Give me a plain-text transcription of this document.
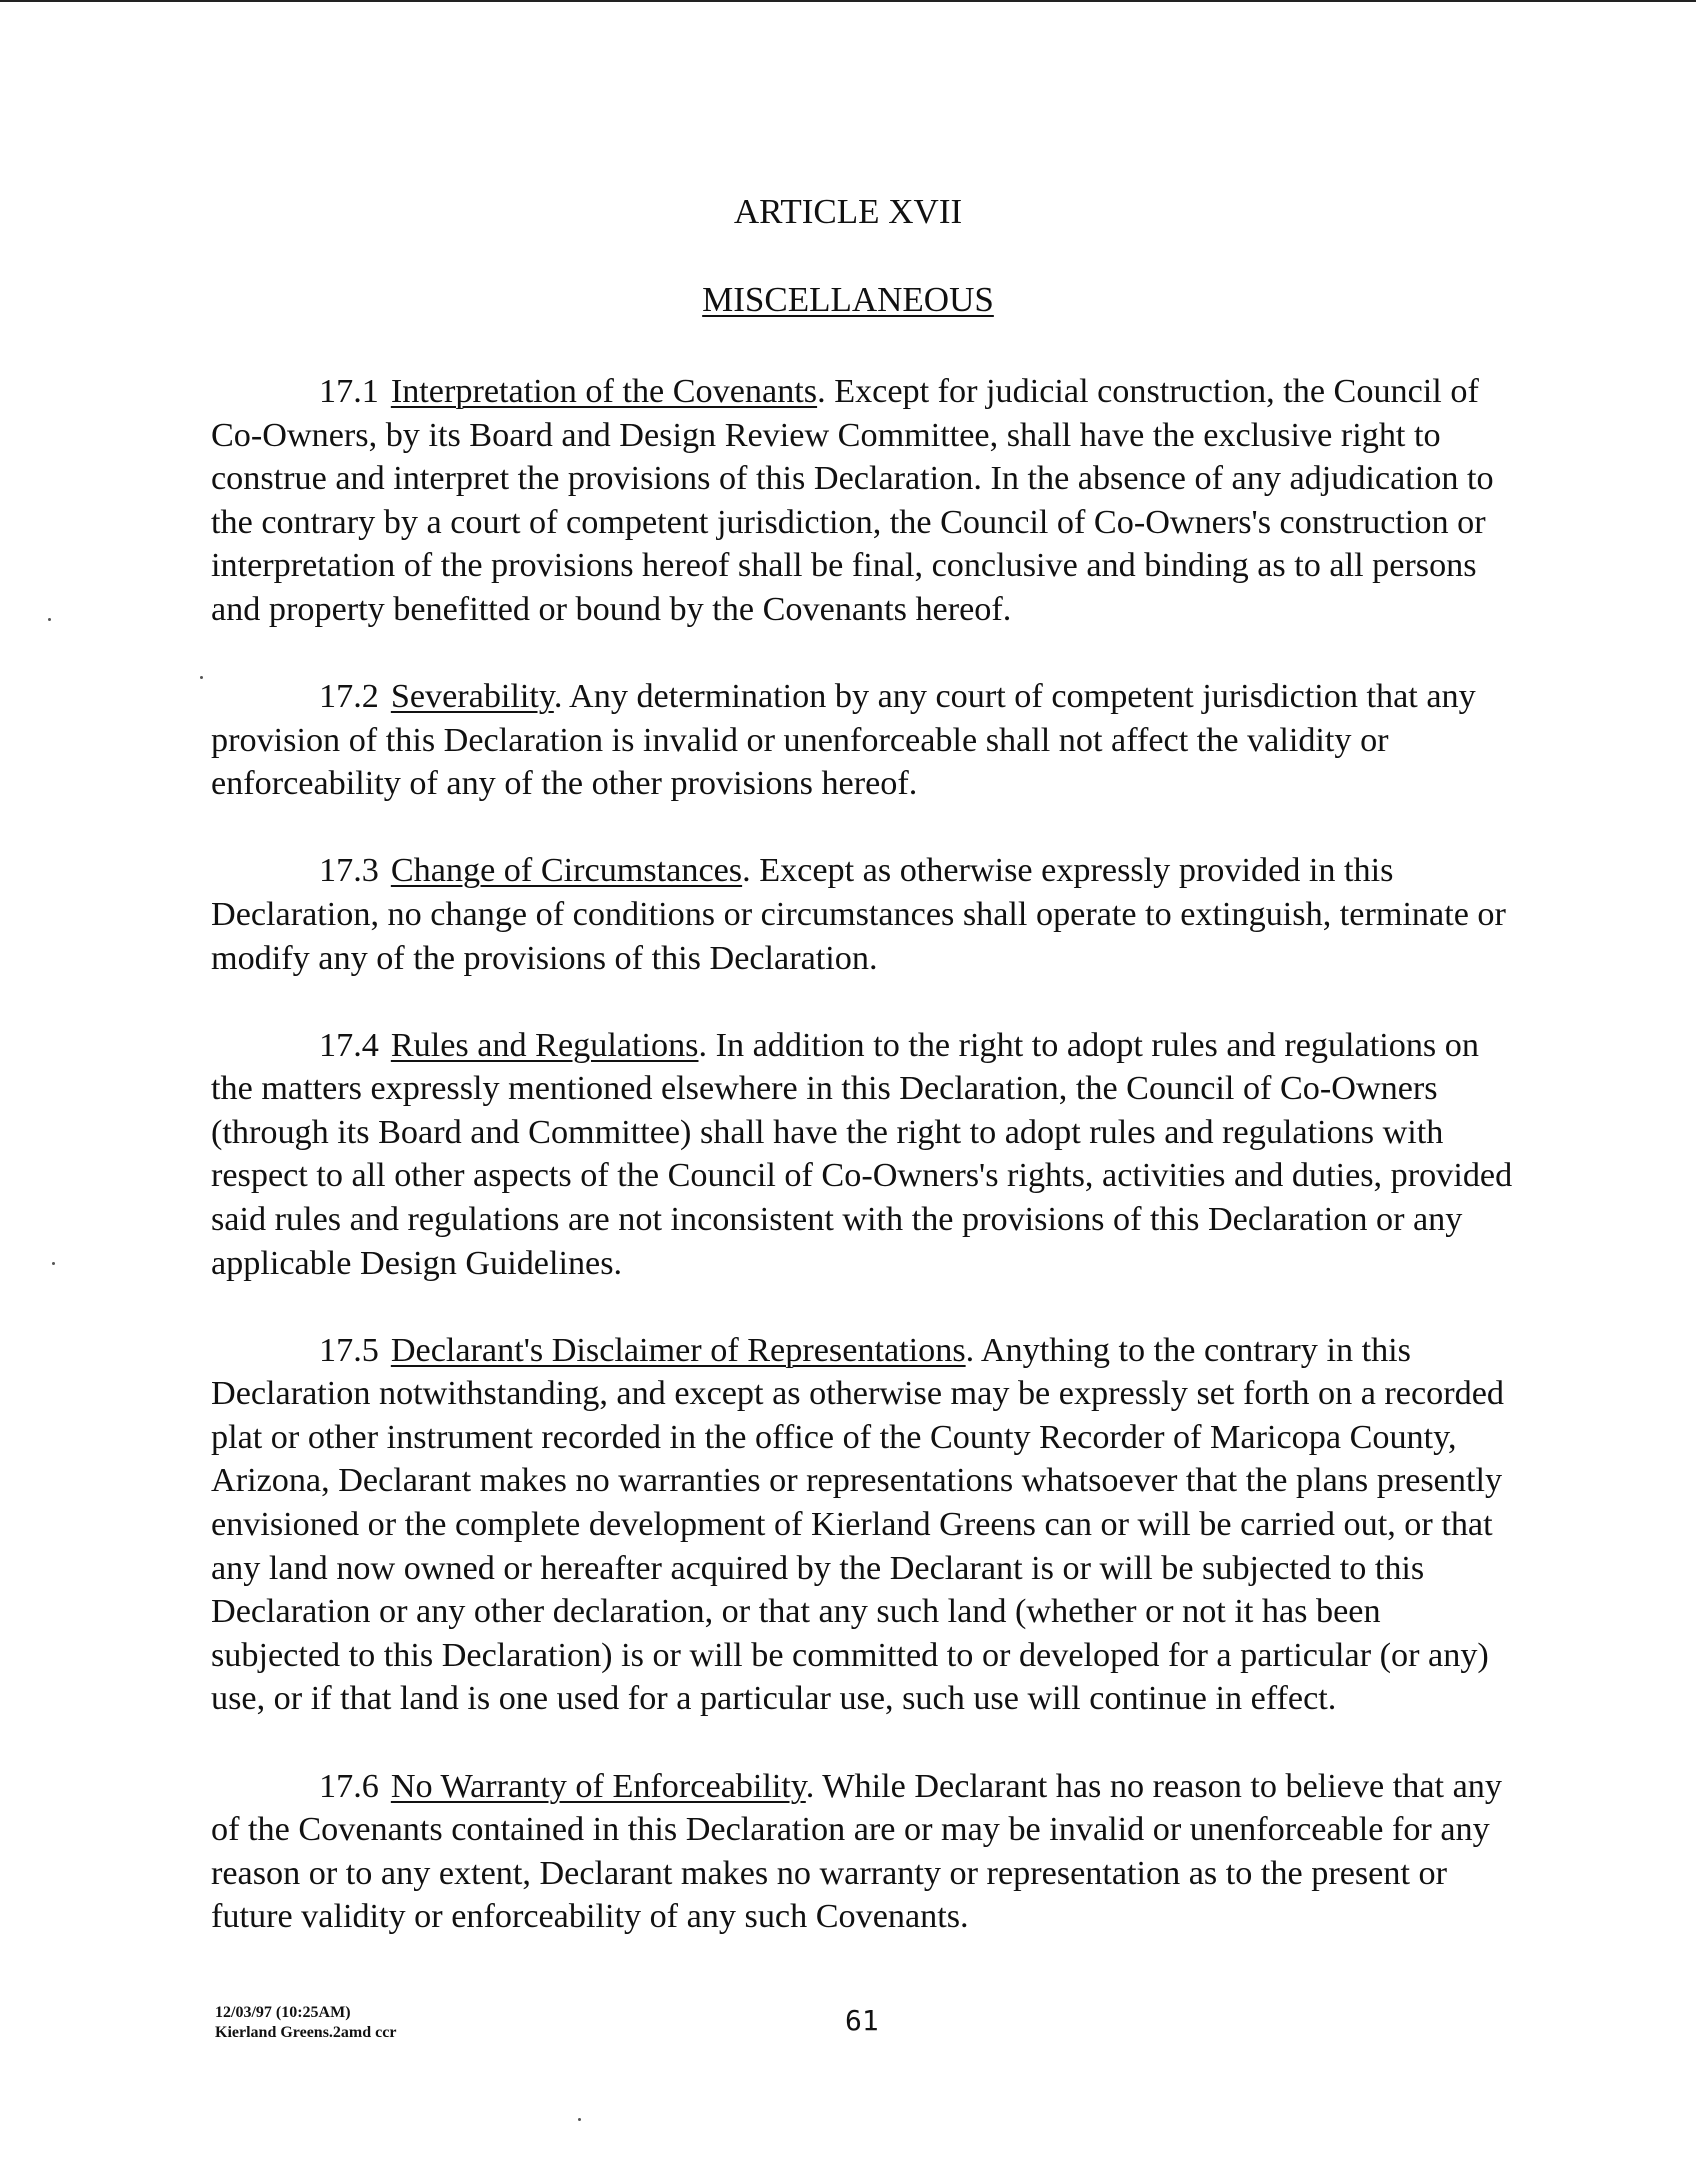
ARTICLE XVII
MISCELLANEOUS

17.1 Interpretation of the Covenants. Except for judicial construction, the Council of Co-Owners, by its Board and Design Review Committee, shall have the exclusive right to construe and interpret the provisions of this Declaration. In the absence of any adjudication to the contrary by a court of competent jurisdiction, the Council of Co-Owners's construction or interpretation of the provisions hereof shall be final, conclusive and binding as to all persons and property benefitted or bound by the Covenants hereof.

17.2 Severability. Any determination by any court of competent jurisdiction that any provision of this Declaration is invalid or unenforceable shall not affect the validity or enforceability of any of the other provisions hereof.

17.3 Change of Circumstances. Except as otherwise expressly provided in this Declaration, no change of conditions or circumstances shall operate to extinguish, terminate or modify any of the provisions of this Declaration.

17.4 Rules and Regulations. In addition to the right to adopt rules and regulations on the matters expressly mentioned elsewhere in this Declaration, the Council of Co-Owners (through its Board and Committee) shall have the right to adopt rules and regulations with respect to all other aspects of the Council of Co-Owners's rights, activities and duties, provided said rules and regulations are not inconsistent with the provisions of this Declaration or any applicable Design Guidelines.

17.5 Declarant's Disclaimer of Representations. Anything to the contrary in this Declaration notwithstanding, and except as otherwise may be expressly set forth on a recorded plat or other instrument recorded in the office of the County Recorder of Maricopa County, Arizona, Declarant makes no warranties or representations whatsoever that the plans presently envisioned or the complete development of Kierland Greens can or will be carried out, or that any land now owned or hereafter acquired by the Declarant is or will be subjected to this Declaration or any other declaration, or that any such land (whether or not it has been subjected to this Declaration) is or will be committed to or developed for a particular (or any) use, or if that land is one used for a particular use, such use will continue in effect.

17.6 No Warranty of Enforceability. While Declarant has no reason to believe that any of the Covenants contained in this Declaration are or may be invalid or unenforceable for any reason or to any extent, Declarant makes no warranty or representation as to the present or future validity or enforceability of any such Covenants.

12/03/97 (10:25AM)
Kierland Greens.2amd ccr	61
